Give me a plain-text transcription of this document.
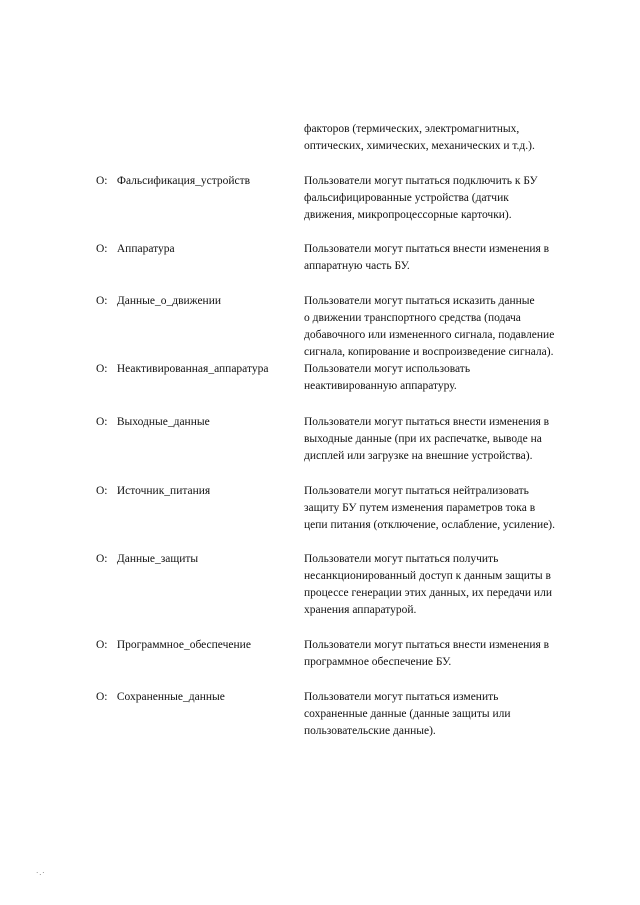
факторов (термических, электромагнитных,
оптических, химических, механических и т.д.).
O: Фальсификация_устройств	Пользователи могут пытаться подключить к БУ
фальсифицированные устройства (датчик
движения, микропроцессорные карточки).
O: Аппаратура	Пользователи могут пытаться внести изменения в
аппаратную часть БУ.
O: Данные_о_движении	Пользователи могут пытаться исказить данные
о движении транспортного средства (подача
добавочного или измененного сигнала, подавление
сигнала, копирование и воспроизведение сигнала).
O: Неактивированная_аппаратура	Пользователи могут использовать
неактивированную аппаратуру.
O: Выходные_данные	Пользователи могут пытаться внести изменения в
выходные данные (при их распечатке, выводе на
дисплей или загрузке на внешние устройства).
O: Источник_питания	Пользователи могут пытаться нейтрализовать
защиту БУ путем изменения параметров тока в
цепи питания (отключение, ослабление, усиление).
O: Данные_защиты	Пользователи могут пытаться получить
несанкционированный доступ к данным защиты в
процессе генерации этих данных, их передачи или
хранения аппаратурой.
O: Программное_обеспечение	Пользователи могут пытаться внести изменения в
программное обеспечение БУ.
O: Сохраненные_данные	Пользователи могут пытаться изменить
сохраненные данные (данные защиты или
пользовательские данные).
·.·
